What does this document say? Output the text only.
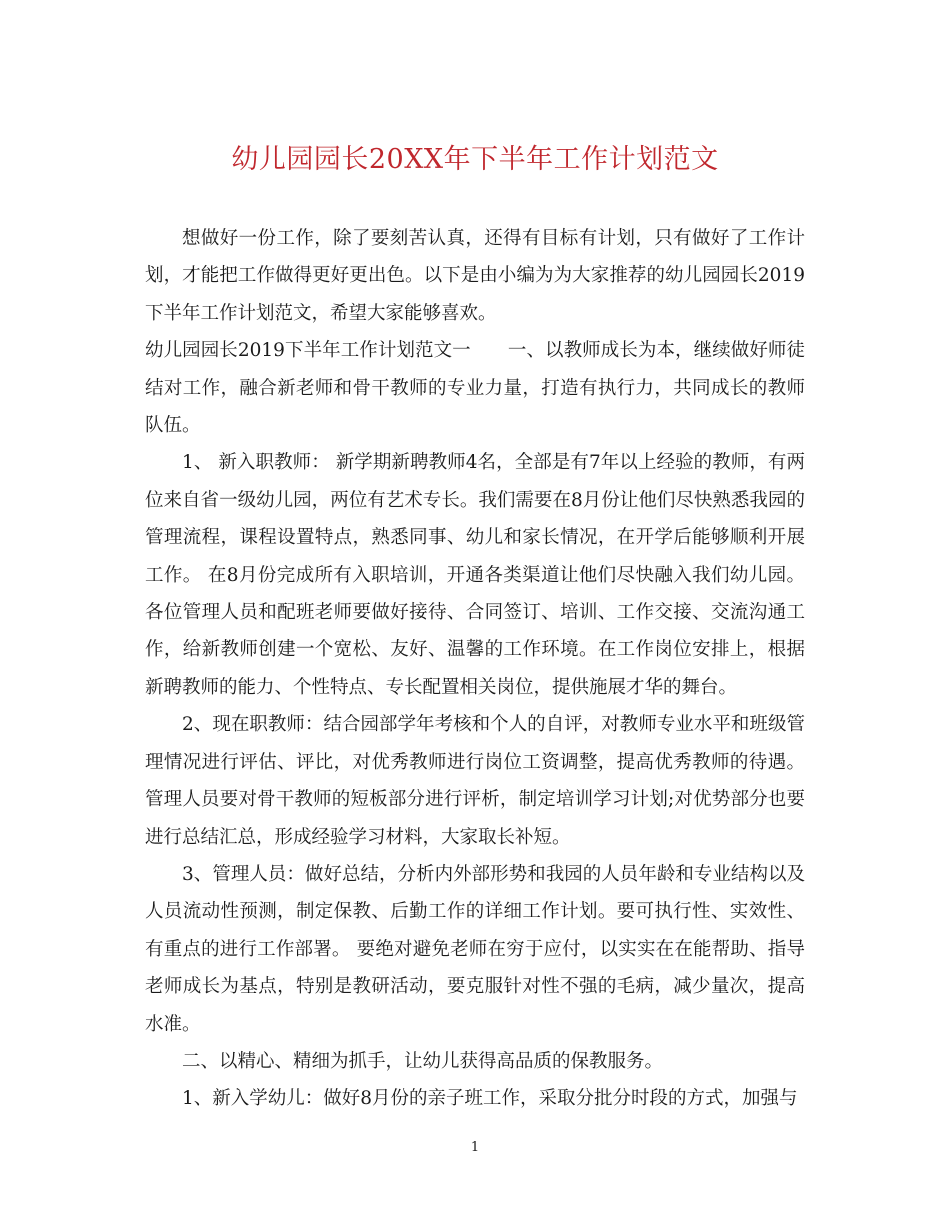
幼儿园园长20XX年下半年工作计划范文

想做好一份工作，除了要刻苦认真，还得有目标有计划，只有做好了工作计划，才能把工作做得更好更出色。以下是由小编为为大家推荐的幼儿园园长2019下半年工作计划范文，希望大家能够喜欢。

幼儿园园长2019下半年工作计划范文一　　一、以教师成长为本，继续做好师徒结对工作，融合新老师和骨干教师的专业力量，打造有执行力，共同成长的教师队伍。

1、 新入职教师： 新学期新聘教师4名，全部是有7年以上经验的教师，有两位来自省一级幼儿园，两位有艺术专长。我们需要在8月份让他们尽快熟悉我园的管理流程，课程设置特点，熟悉同事、幼儿和家长情况，在开学后能够顺利开展工作。 在8月份完成所有入职培训，开通各类渠道让他们尽快融入我们幼儿园。各位管理人员和配班老师要做好接待、合同签订、培训、工作交接、交流沟通工作，给新教师创建一个宽松、友好、温馨的工作环境。在工作岗位安排上，根据新聘教师的能力、个性特点、专长配置相关岗位，提供施展才华的舞台。

2、现在职教师：结合园部学年考核和个人的自评，对教师专业水平和班级管理情况进行评估、评比，对优秀教师进行岗位工资调整，提高优秀教师的待遇。管理人员要对骨干教师的短板部分进行评析，制定培训学习计划;对优势部分也要进行总结汇总，形成经验学习材料，大家取长补短。

3、管理人员：做好总结，分析内外部形势和我园的人员年龄和专业结构以及人员流动性预测，制定保教、后勤工作的详细工作计划。要可执行性、实效性、有重点的进行工作部署。 要绝对避免老师在穷于应付，以实实在在能帮助、指导老师成长为基点，特别是教研活动，要克服针对性不强的毛病，减少量次，提高水准。

二、以精心、精细为抓手，让幼儿获得高品质的保教服务。

1、新入学幼儿：做好8月份的亲子班工作，采取分批分时段的方式，加强与

1
